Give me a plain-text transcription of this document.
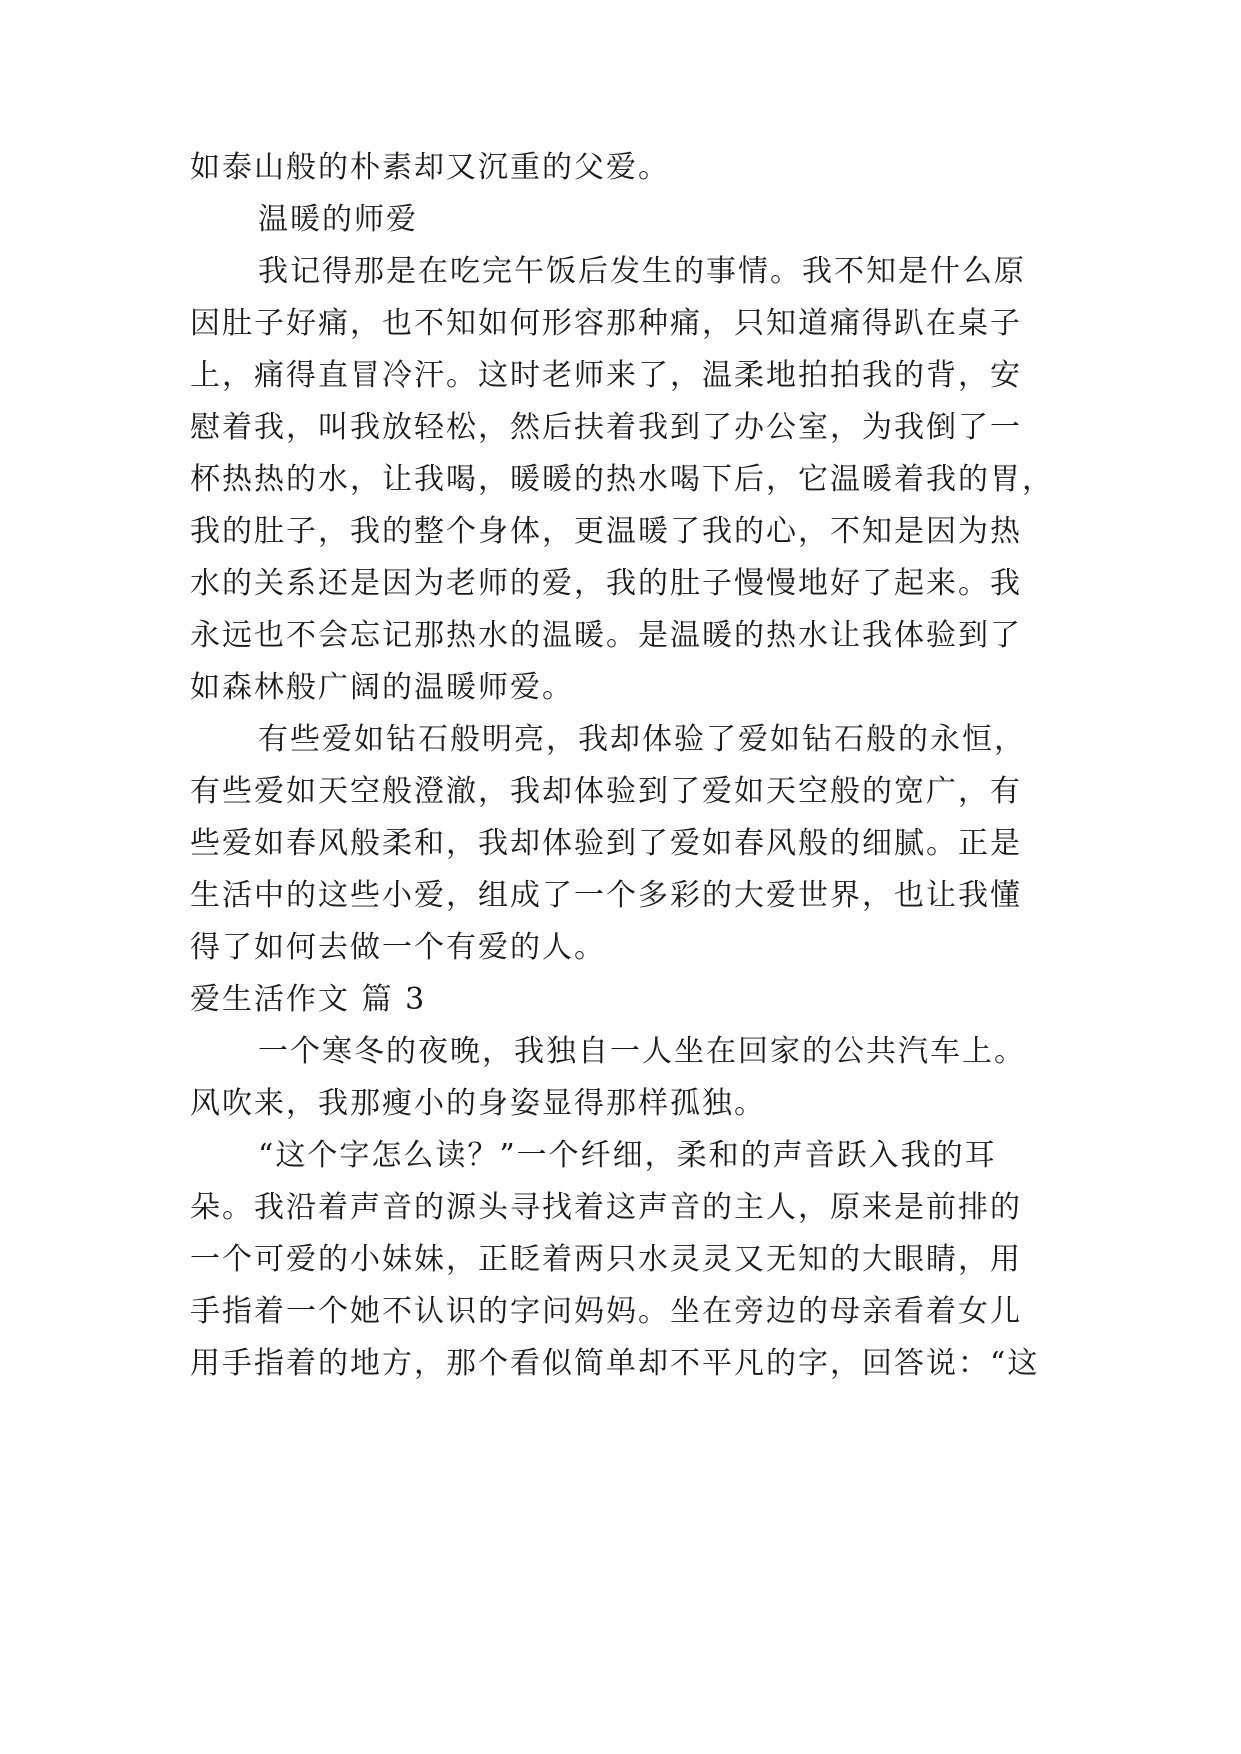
如泰山般的朴素却又沉重的父爱。
温暖的师爱
我记得那是在吃完午饭后发生的事情。我不知是什么原
因肚子好痛，也不知如何形容那种痛，只知道痛得趴在桌子
上，痛得直冒冷汗。这时老师来了，温柔地拍拍我的背，安
慰着我，叫我放轻松，然后扶着我到了办公室，为我倒了一
杯热热的水，让我喝，暖暖的热水喝下后，它温暖着我的胃，
我的肚子，我的整个身体，更温暖了我的心，不知是因为热
水的关系还是因为老师的爱，我的肚子慢慢地好了起来。我
永远也不会忘记那热水的温暖。是温暖的热水让我体验到了
如森林般广阔的温暖师爱。
有些爱如钻石般明亮，我却体验了爱如钻石般的永恒，
有些爱如天空般澄澈，我却体验到了爱如天空般的宽广，有
些爱如春风般柔和，我却体验到了爱如春风般的细腻。正是
生活中的这些小爱，组成了一个多彩的大爱世界，也让我懂
得了如何去做一个有爱的人。
爱生活作文 篇 3
一个寒冬的夜晚，我独自一人坐在回家的公共汽车上。
风吹来，我那瘦小的身姿显得那样孤独。
“这个字怎么读？”一个纤细，柔和的声音跃入我的耳
朵。我沿着声音的源头寻找着这声音的主人，原来是前排的
一个可爱的小妹妹，正眨着两只水灵灵又无知的大眼睛，用
手指着一个她不认识的字问妈妈。坐在旁边的母亲看着女儿
用手指着的地方，那个看似简单却不平凡的字，回答说：“这
